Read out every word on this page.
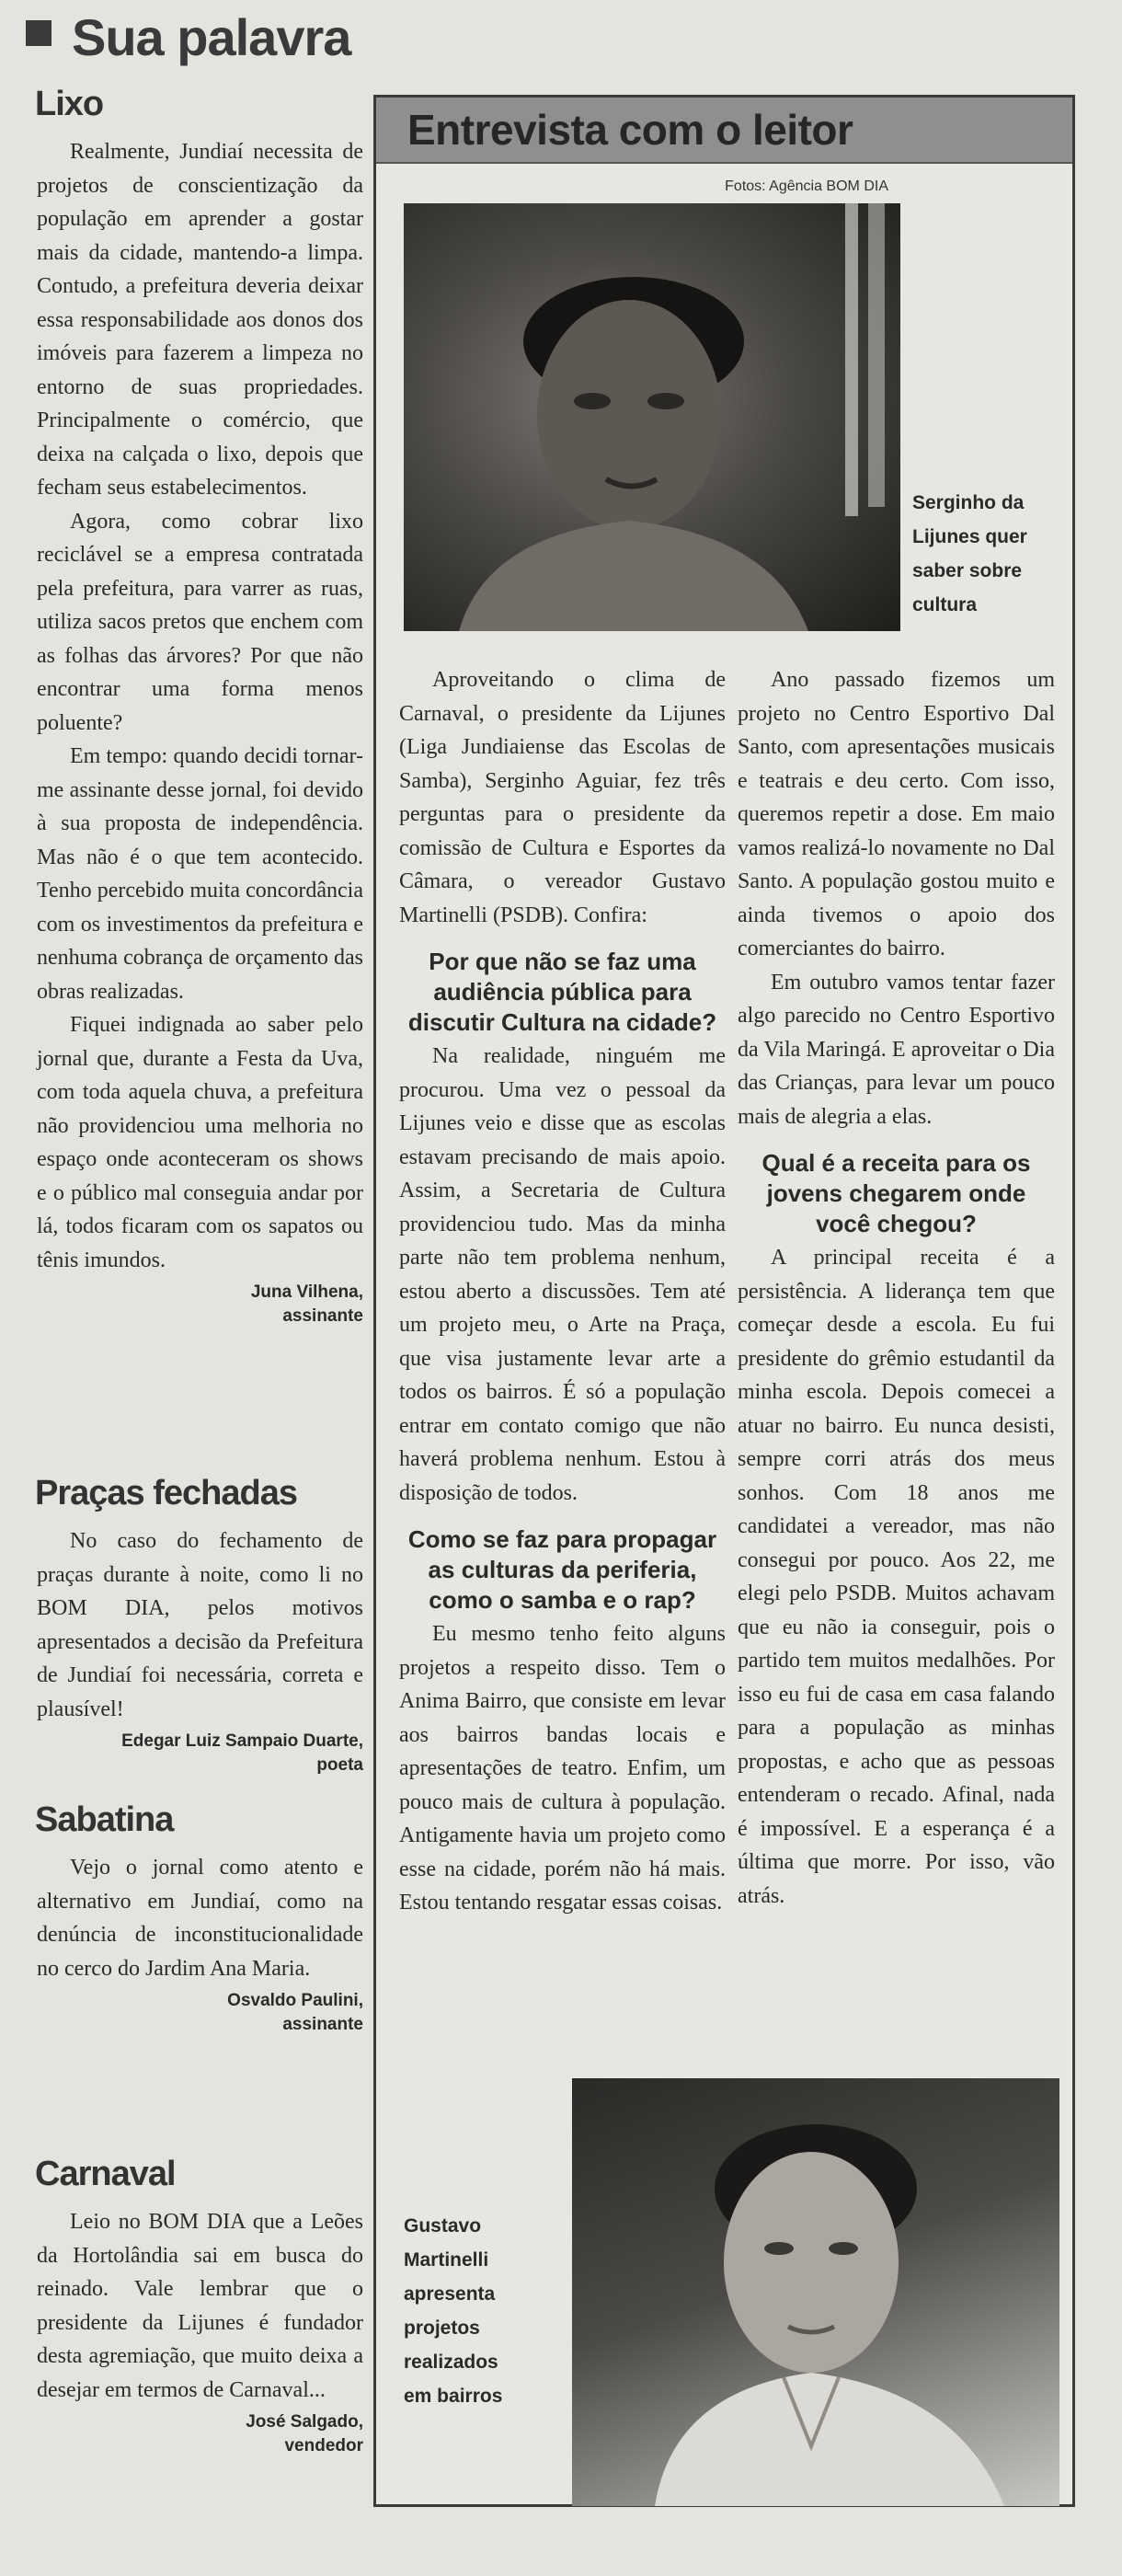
Sua palavra
Lixo

Realmente, Jundiaí necessita de projetos de conscientização da população em aprender a gostar mais da cidade, mantendo-a limpa. Contudo, a prefeitura deveria deixar essa responsabilidade aos donos dos imóveis para fazerem a limpeza no entorno de suas propriedades. Principalmente o comércio, que deixa na calçada o lixo, depois que fecham seus estabelecimentos.

Agora, como cobrar lixo reciclável se a empresa contratada pela prefeitura, para varrer as ruas, utiliza sacos pretos que enchem com as folhas das árvores? Por que não encontrar uma forma menos poluente?

Em tempo: quando decidi tornar-me assinante desse jornal, foi devido à sua proposta de independência. Mas não é o que tem acontecido. Tenho percebido muita concordância com os investimentos da prefeitura e nenhuma cobrança de orçamento das obras realizadas.

Fiquei indignada ao saber pelo jornal que, durante a Festa da Uva, com toda aquela chuva, a prefeitura não providenciou uma melhoria no espaço onde aconteceram os shows e o público mal conseguia andar por lá, todos ficaram com os sapatos ou tênis imundos.

Juna Vilhena,
assinante
Praças fechadas

No caso do fechamento de praças durante à noite, como li no BOM DIA, pelos motivos apresentados a decisão da Prefeitura de Jundiaí foi necessária, correta e plausível!

Edegar Luiz Sampaio Duarte,
poeta
Sabatina

Vejo o jornal como atento e alternativo em Jundiaí, como na denúncia de inconstitucionalidade no cerco do Jardim Ana Maria.

Osvaldo Paulini,
assinante
Carnaval

Leio no BOM DIA que a Leões da Hortolândia sai em busca do reinado. Vale lembrar que o presidente da Lijunes é fundador desta agremiação, que muito deixa a desejar em termos de Carnaval...

José Salgado,
vendedor
Entrevista com o leitor
Fotos: Agência BOM DIA
Serginho da
Lijunes quer
saber sobre
cultura

Aproveitando o clima de Carnaval, o presidente da Lijunes (Liga Jundiaiense das Escolas de Samba), Serginho Aguiar, fez três perguntas para o presidente da comissão de Cultura e Esportes da Câmara, o vereador Gustavo Martinelli (PSDB). Confira:

Por que não se faz uma audiência pública para discutir Cultura na cidade?

Na realidade, ninguém me procurou. Uma vez o pessoal da Lijunes veio e disse que as escolas estavam precisando de mais apoio. Assim, a Secretaria de Cultura providenciou tudo. Mas da minha parte não tem problema nenhum, estou aberto a discussões. Tem até um projeto meu, o Arte na Praça, que visa justamente levar arte a todos os bairros. É só a população entrar em contato comigo que não haverá problema nenhum. Estou à disposição de todos.

Como se faz para propagar as culturas da periferia, como o samba e o rap?

Eu mesmo tenho feito alguns projetos a respeito disso. Tem o Anima Bairro, que consiste em levar aos bairros bandas locais e apresentações de teatro. Enfim, um pouco mais de cultura à população. Antigamente havia um projeto como esse na cidade, porém não há mais. Estou tentando resgatar essas coisas.

Ano passado fizemos um projeto no Centro Esportivo Dal Santo, com apresentações musicais e teatrais e deu certo. Com isso, queremos repetir a dose. Em maio vamos realizá-lo novamente no Dal Santo. A população gostou muito e ainda tivemos o apoio dos comerciantes do bairro.

Em outubro vamos tentar fazer algo parecido no Centro Esportivo da Vila Maringá. E aproveitar o Dia das Crianças, para levar um pouco mais de alegria a elas.

Qual é a receita para os jovens chegarem onde você chegou?

A principal receita é a persistência. A liderança tem que começar desde a escola. Eu fui presidente do grêmio estudantil da minha escola. Depois comecei a atuar no bairro. Eu nunca desisti, sempre corri atrás dos meus sonhos. Com 18 anos me candidatei a vereador, mas não consegui por pouco. Aos 22, me elegi pelo PSDB. Muitos achavam que eu não ia conseguir, pois o partido tem muitos medalhões. Por isso eu fui de casa em casa falando para a população as minhas propostas, e acho que as pessoas entenderam o recado. Afinal, nada é impossível. E a esperança é a última que morre. Por isso, vão atrás.

Gustavo
Martinelli
apresenta
projetos
realizados
em bairros
